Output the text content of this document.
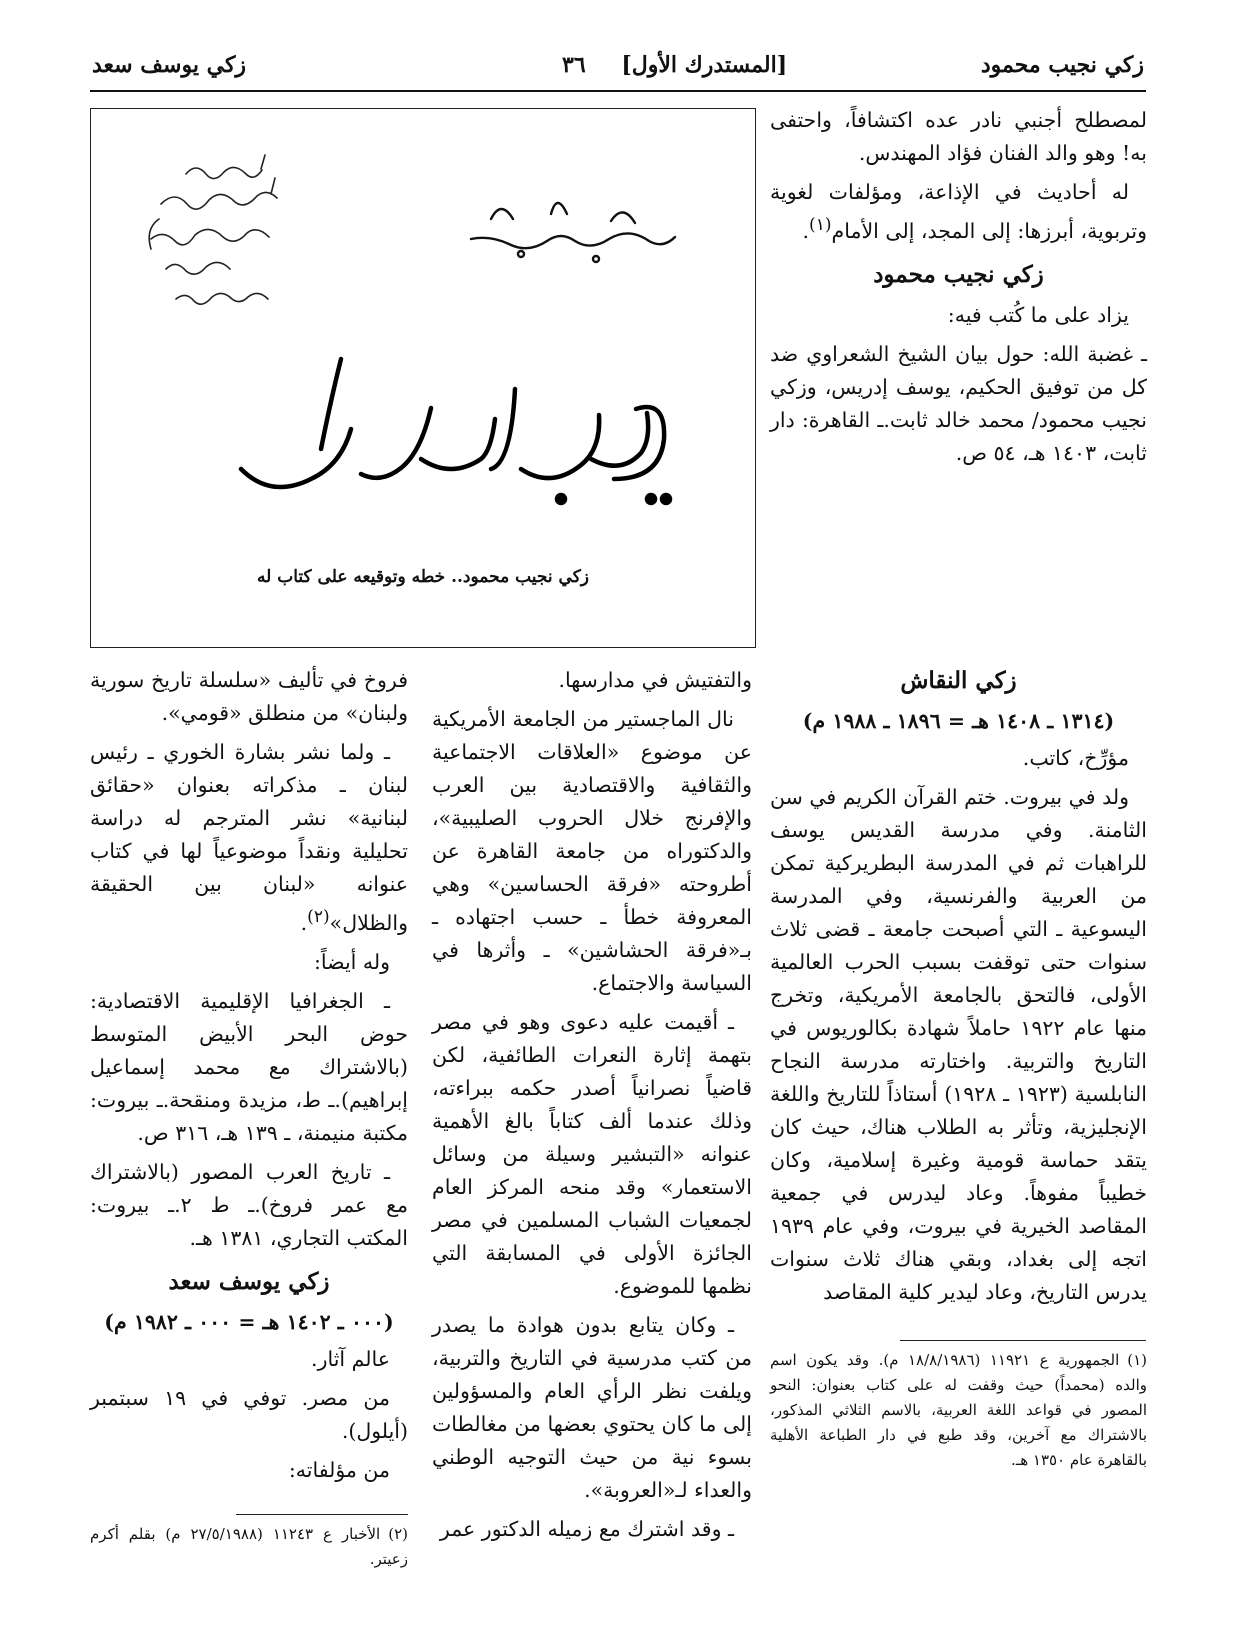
زكي نجيب محمود
[المستدرك الأول] ٣٦
زكي يوسف سعد
زكي نجيب محمود.. خطه وتوقيعه على كتاب له

لمصطلح أجنبي نادر عده اكتشافاً، واحتفى به! وهو والد الفنان فؤاد المهندس.

له أحاديث في الإذاعة، ومؤلفات لغوية وتربوية، أبرزها: إلى المجد، إلى الأمام$^{(١)}$.

زكي نجيب محمود

يزاد على ما كُتب فيه:

ـ غضبة الله: حول بيان الشيخ الشعراوي ضد كل من توفيق الحكيم، يوسف إدريس، وزكي نجيب محمود/ محمد خالد ثابت.ـ القاهرة: دار ثابت، ١٤٠٣ هـ، ٥٤ ص.

زكي النقاش
(١٣١٤ ـ ١٤٠٨ هـ = ١٨٩٦ ـ ١٩٨٨ م)

مؤرِّخ، كاتب.

ولد في بيروت. ختم القرآن الكريم في سن الثامنة. وفي مدرسة القديس يوسف للراهبات ثم في المدرسة البطريركية تمكن من العربية والفرنسية، وفي المدرسة اليسوعية ـ التي أصبحت جامعة ـ قضى ثلاث سنوات حتى توقفت بسبب الحرب العالمية الأولى، فالتحق بالجامعة الأمريكية، وتخرج منها عام ١٩٢٢ حاملاً شهادة بكالوريوس في التاريخ والتربية. واختارته مدرسة النجاح النابلسية (١٩٢٣ ـ ١٩٢٨) أستاذاً للتاريخ واللغة الإنجليزية، وتأثر به الطلاب هناك، حيث كان يتقد حماسة قومية وغيرة إسلامية، وكان خطيباً مفوهاً. وعاد ليدرس في جمعية المقاصد الخيرية في بيروت، وفي عام ١٩٣٩ اتجه إلى بغداد، وبقي هناك ثلاث سنوات يدرس التاريخ، وعاد ليدير كلية المقاصد

(١)الجمهورية ع ١١٩٢١ (١٨/٨/١٩٨٦ م). وقد يكون اسم والده (محمداً) حيث وقفت له على كتاب بعنوان: النحو المصور في قواعد اللغة العربية، بالاسم الثلاثي المذكور، بالاشتراك مع آخرين، وقد طبع في دار الطباعة الأهلية بالقاهرة عام ١٣٥٠ هـ.

والتفتيش في مدارسها.

نال الماجستير من الجامعة الأمريكية عن موضوع «العلاقات الاجتماعية والثقافية والاقتصادية بين العرب والإفرنج خلال الحروب الصليبية»، والدكتوراه من جامعة القاهرة عن أطروحته «فرقة الحساسين» وهي المعروفة خطأ ـ حسب اجتهاده ـ بـ«فرقة الحشاشين» ـ وأثرها في السياسة والاجتماع.

ـ أقيمت عليه دعوى وهو في مصر بتهمة إثارة النعرات الطائفية، لكن قاضياً نصرانياً أصدر حكمه ببراءته، وذلك عندما ألف كتاباً بالغ الأهمية عنوانه «التبشير وسيلة من وسائل الاستعمار» وقد منحه المركز العام لجمعيات الشباب المسلمين في مصر الجائزة الأولى في المسابقة التي نظمها للموضوع.

ـ وكان يتابع بدون هوادة ما يصدر من كتب مدرسية في التاريخ والتربية، ويلفت نظر الرأي العام والمسؤولين إلى ما كان يحتوي بعضها من مغالطات بسوء نية من حيث التوجيه الوطني والعداء لـ«العروبة».

ـ وقد اشترك مع زميله الدكتور عمر

فروخ في تأليف «سلسلة تاريخ سورية ولبنان» من منطلق «قومي».

ـ ولما نشر بشارة الخوري ـ رئيس لبنان ـ مذكراته بعنوان «حقائق لبنانية» نشر المترجم له دراسة تحليلية ونقداً موضوعياً لها في كتاب عنوانه «لبنان بين الحقيقة والظلال»$^{(٢)}$.

وله أيضاً:

ـ الجغرافيا الإقليمية الاقتصادية: حوض البحر الأبيض المتوسط (بالاشتراك مع محمد إسماعيل إبراهيم).ـ ط، مزيدة ومنقحة.ـ بيروت: مكتبة منيمنة، ـ ١٣٩ هـ، ٣١٦ ص.

ـ تاريخ العرب المصور (بالاشتراك مع عمر فروخ).ـ ط ٢.ـ بيروت: المكتب التجاري، ١٣٨١ هـ.

زكي يوسف سعد
(٠٠٠ ـ ١٤٠٢ هـ = ٠٠٠ ـ ١٩٨٢ م)

عالم آثار.

من مصر. توفي في ١٩ سبتمبر (أيلول).

من مؤلفاته:

(٢)الأخبار ع ١١٢٤٣ (٢٧/٥/١٩٨٨ م) بقلم أكرم زعيتر.
